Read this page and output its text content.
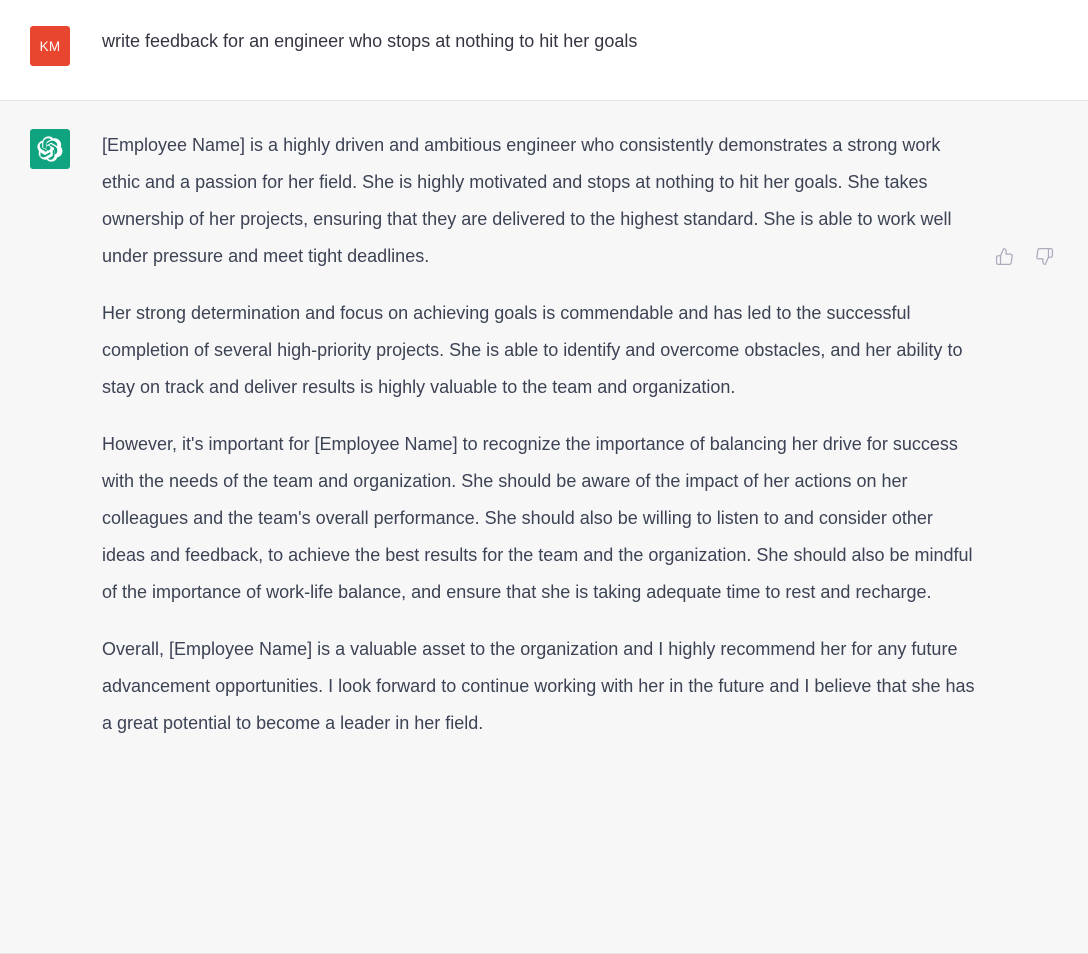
KM write feedback for an engineer who stops at nothing to hit her goals

[Employee Name] is a highly driven and ambitious engineer who consistently demonstrates a strong work ethic and a passion for her field. She is highly motivated and stops at nothing to hit her goals. She takes ownership of her projects, ensuring that they are delivered to the highest standard. She is able to work well under pressure and meet tight deadlines.

Her strong determination and focus on achieving goals is commendable and has led to the successful completion of several high-priority projects. She is able to identify and overcome obstacles, and her ability to stay on track and deliver results is highly valuable to the team and organization.

However, it's important for [Employee Name] to recognize the importance of balancing her drive for success with the needs of the team and organization. She should be aware of the impact of her actions on her colleagues and the team's overall performance. She should also be willing to listen to and consider other ideas and feedback, to achieve the best results for the team and the organization. She should also be mindful of the importance of work-life balance, and ensure that she is taking adequate time to rest and recharge.

Overall, [Employee Name] is a valuable asset to the organization and I highly recommend her for any future advancement opportunities. I look forward to continue working with her in the future and I believe that she has a great potential to become a leader in her field.
